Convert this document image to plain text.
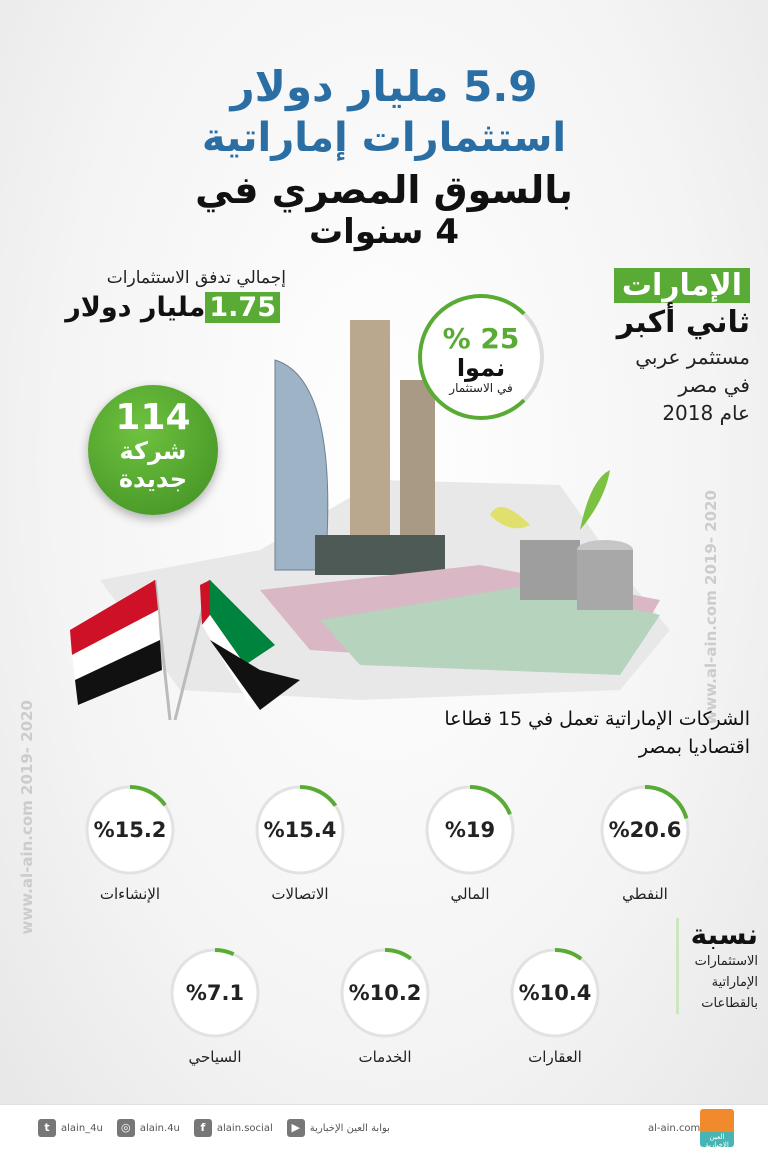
5.9 مليار دولار
استثمارات إماراتية
بالسوق المصري في
4 سنوات
إجمالي تدفق الاستثمارات
1.75مليار دولار
25 %
نموا
في الاستثمار
114
شركة
جديدة
الإمارات
ثاني أكبر
مستثمر عربي
في مصر
عام 2018
www.al-ain.com 2019- 2020
www.al-ain.com 2019- 2020	الشركات الإماراتية تعمل في 15 قطاعا
اقتصاديا بمصر
%20.6
النفطي
%19
المالي
%15.4
الاتصالات
%15.2
الإنشاءات
%10.4
العقارات
%10.2
الخدمات
%7.1
السياحي
نسبة
الاستثمارات
الإماراتية
بالقطاعات
t	alain_4u	◎ alain.4u	f	alain.social	▶ بوابة العين الإخبارية	al-ain.com
العين الإخبارية
